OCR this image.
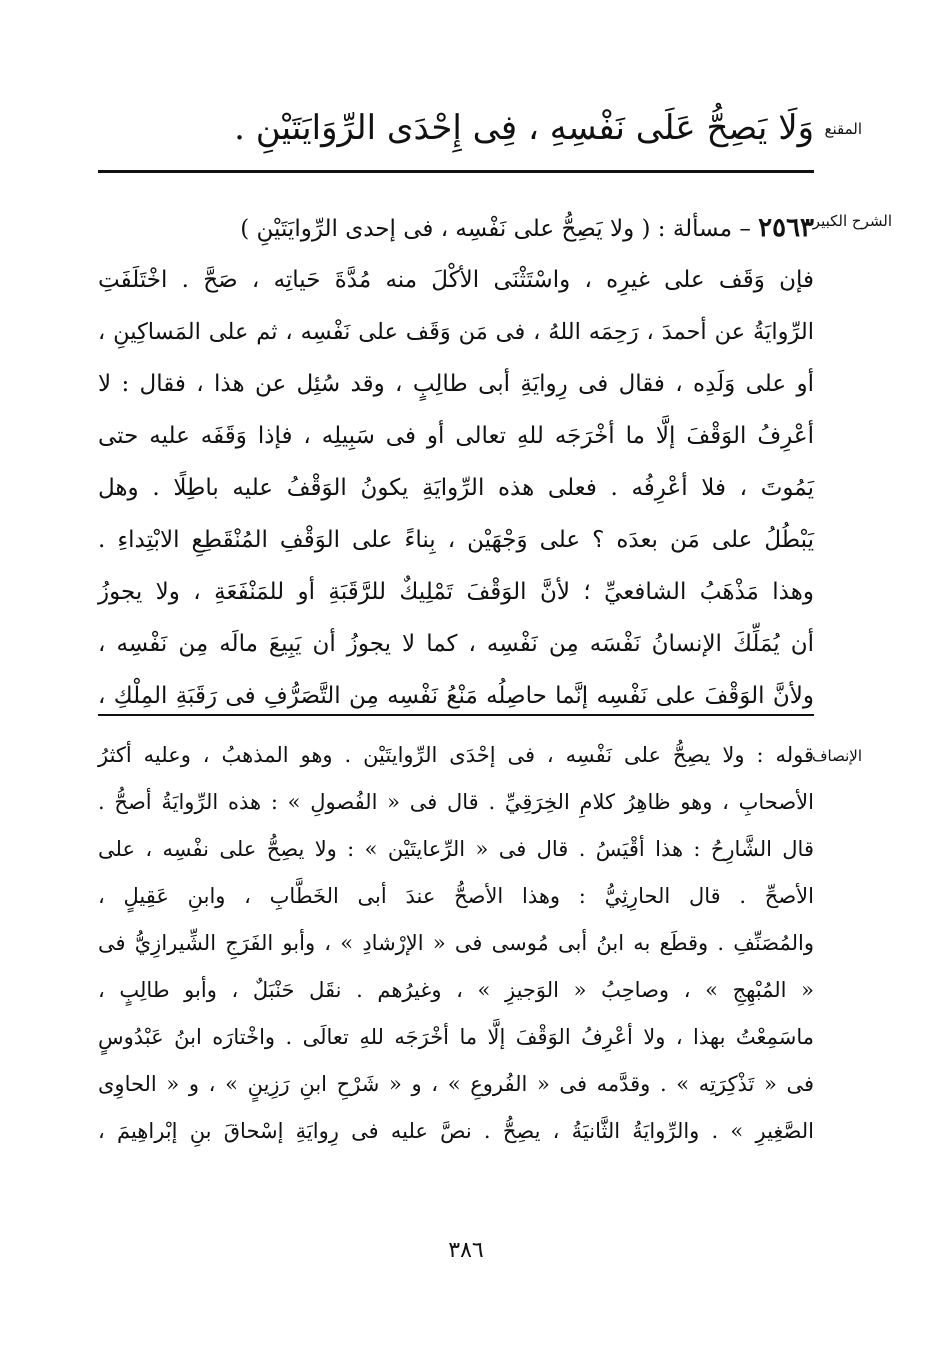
المقنع
وَلَا يَصِحُّ عَلَى نَفْسِهِ ، فِى إِحْدَى الرِّوَايَتَيْنِ .
الشرح الكبير
٢٥٦٣ – مسألة : ( ولا يَصِحُّ على نَفْسِه ، فى إحدى الرِّوايَتَيْنِ )
فإن وَقَف على غيرِه ، واسْتَثْنَى الأكْلَ منه مُدَّةَ حَياتِه ، صَحَّ . اخْتَلَفَتِ
الرِّوايَةُ عن أحمدَ ، رَحِمَه اللهُ ، فى مَن وَقَف على نَفْسِه ، ثم على المَساكِينِ ،
أو على وَلَدِه ، فقال فى رِوايَةِ أبى طالِبٍ ، وقد سُئِل عن هذا ، فقال : لا
أعْرِفُ الوَقْفَ إلَّا ما أخْرَجَه للهِ تعالى أو فى سَبِيلِه ، فإذا وَقَفَه عليه حتى
يَمُوتَ ، فلا أعْرِفُه . فعلى هذه الرِّوايَةِ يكونُ الوَقْفُ عليه باطِلًا . وهل
يَبْطُلُ على مَن بعدَه ؟ على وَجْهَيْن ، بِناءً على الوَقْفِ المُنْقَطِعِ الابْتِداءِ .
وهذا مَذْهَبُ الشافعيِّ ؛ لأنَّ الوَقْفَ تَمْلِيكٌ للرَّقَبَةِ أو للمَنْفَعَةِ ، ولا يجوزُ
أن يُمَلِّكَ الإنسانُ نَفْسَه مِن نَفْسِه ، كما لا يجوزُ أن يَبِيعَ مالَه مِن نَفْسِه ،
ولأنَّ الوَقْفَ على نَفْسِه إنَّما حاصِلُه مَنْعُ نَفْسِه مِن التَّصَرُّفِ فى رَقَبَةِ المِلْكِ ،
الإنصاف
قوله : ولا يصِحُّ على نَفْسِه ، فى إحْدَى الرِّوايتَيْن . وهو المذهبُ ، وعليه أكثرُ
الأصحابِ ، وهو ظاهِرُ كلامِ الخِرَقِيِّ . قال فى « الفُصولِ » : هذه الرِّوايَةُ أصحُّ .
قال الشَّارِحُ : هذا أقْيَسُ . قال فى « الرِّعايتَيْن » : ولا يصِحُّ على نفْسِه ، على
الأصحِّ . قال الحارِثِيُّ : وهذا الأصحُّ عندَ أبى الخَطَّابِ ، وابنِ عَقِيلٍ ،
والمُصَنِّفِ . وقطَع به ابنُ أبى مُوسى فى « الإرْشادِ » ، وأبو الفَرَجِ الشِّيرازِيُّ فى
« المُبْهِجِ » ، وصاحِبُ « الوَجيزِ » ، وغيرُهم . نقَل حَنْبَلٌ ، وأبو طالِبٍ ،
ماسَمِعْتُ بهذا ، ولا أعْرِفُ الوَقْفَ إلَّا ما أخْرَجَه للهِ تعالَى . واخْتارَه ابنُ عَبْدُوسٍ
فى « تَذْكِرَتِه » . وقدَّمه فى « الفُروعِ » ، و « شَرْحِ ابنِ رَزِينٍ » ، و « الحاوِى
الصَّغِيرِ » . والرِّوايَةُ الثَّانيَةُ ، يصِحُّ . نصَّ عليه فى رِوايَةِ إسْحاقَ بنِ إبْراهِيمَ ،
٣٨٦
